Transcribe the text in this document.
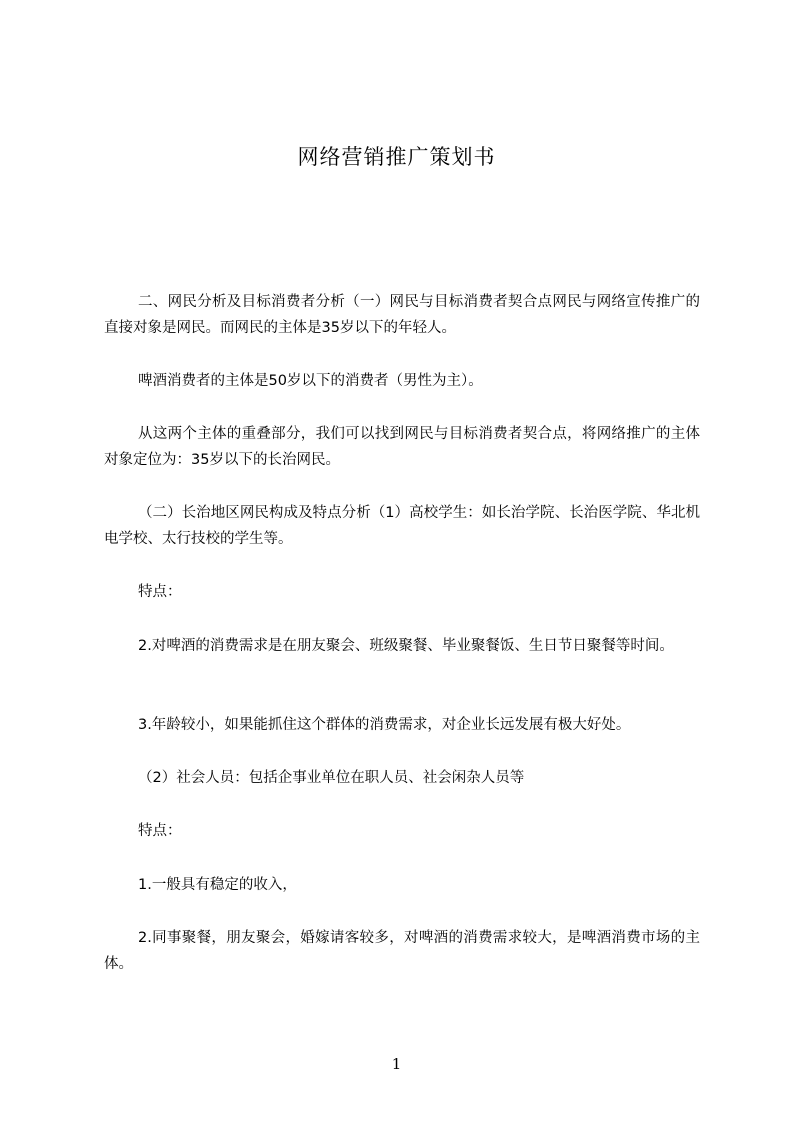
网络营销推广策划书

二、网民分析及目标消费者分析（一）网民与目标消费者契合点网民与网络宣传推广的直接对象是网民。而网民的主体是35岁以下的年轻人。

啤酒消费者的主体是50岁以下的消费者（男性为主）。

从这两个主体的重叠部分，我们可以找到网民与目标消费者契合点，将网络推广的主体对象定位为：35岁以下的长治网民。

（二）长治地区网民构成及特点分析（1）高校学生：如长治学院、长治医学院、华北机电学校、太行技校的学生等。

特点：

2.对啤酒的消费需求是在朋友聚会、班级聚餐、毕业聚餐饭、生日节日聚餐等时间。

3.年龄较小，如果能抓住这个群体的消费需求，对企业长远发展有极大好处。

（2）社会人员：包括企事业单位在职人员、社会闲杂人员等

特点：

1.一般具有稳定的收入，

2.同事聚餐，朋友聚会，婚嫁请客较多，对啤酒的消费需求较大，是啤酒消费市场的主体。

1
